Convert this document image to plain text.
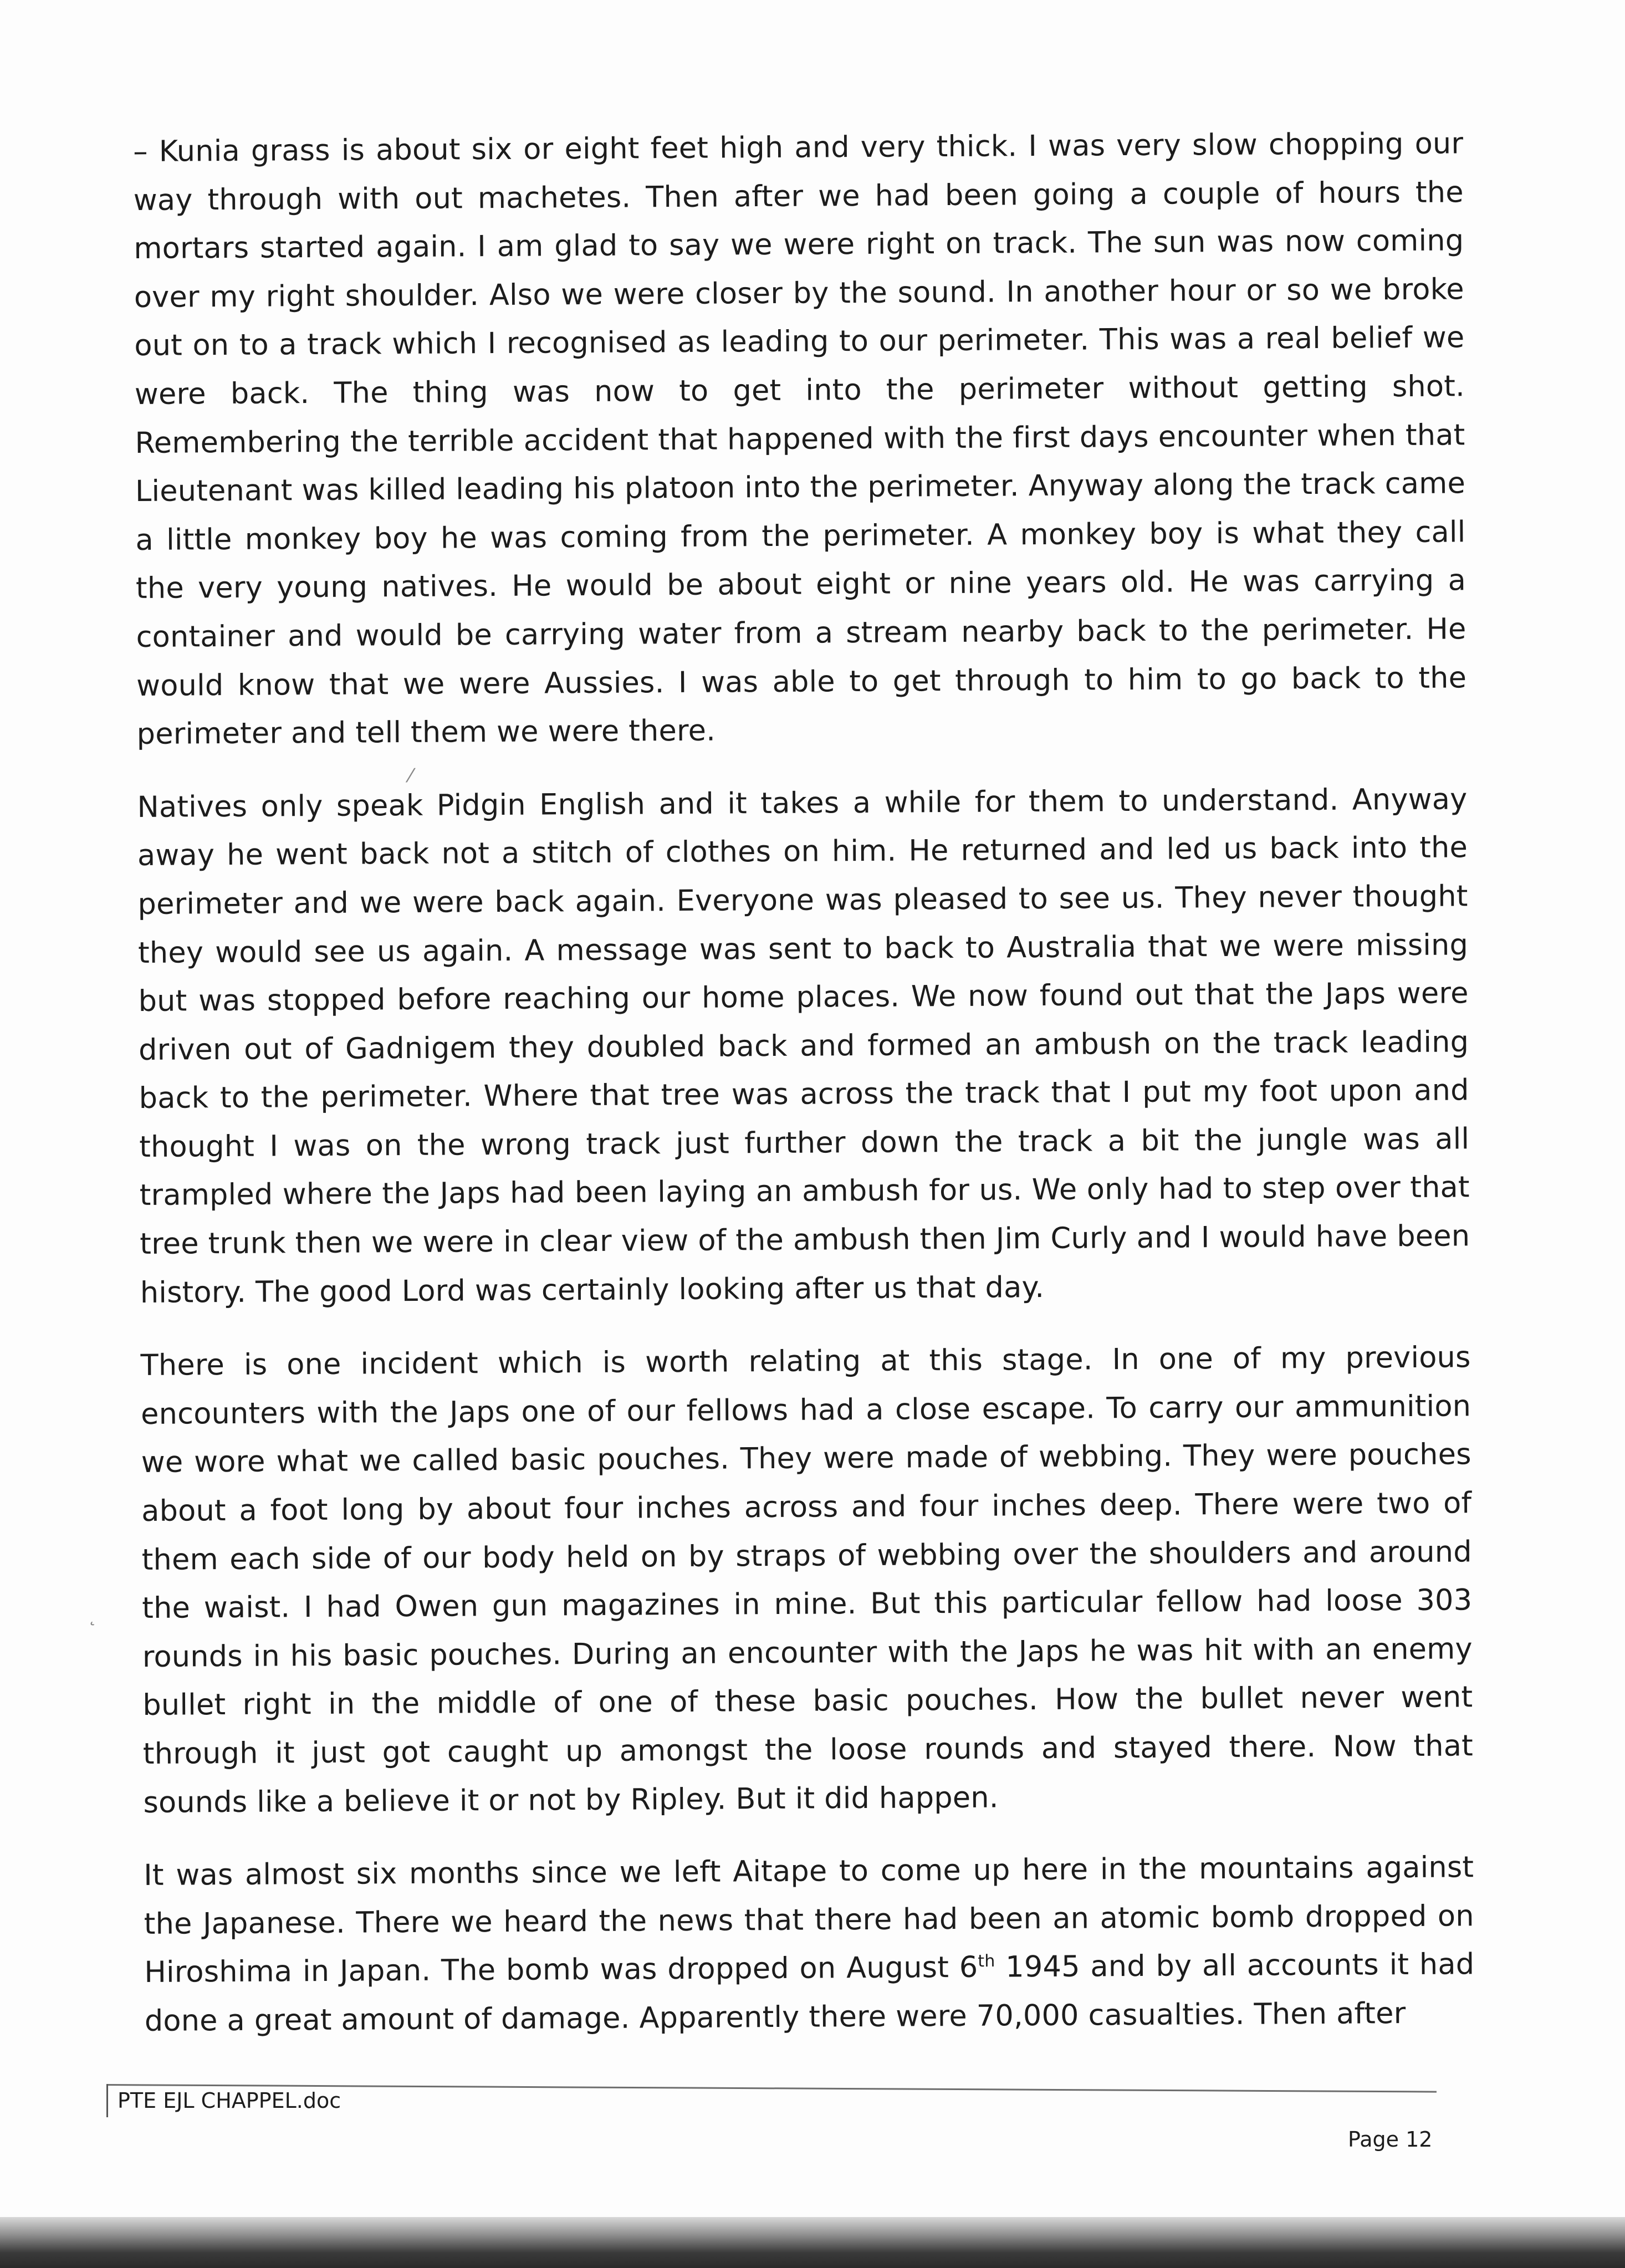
– Kunia grass is about six or eight feet high and very thick. I was very slow chopping our way through with out machetes. Then after we had been going a couple of hours the mortars started again. I am glad to say we were right on track. The sun was now coming over my right shoulder. Also we were closer by the sound. In another hour or so we broke out on to a track which I recognised as leading to our perimeter. This was a real belief we were back. The thing was now to get into the perimeter without getting shot. Remembering the terrible accident that happened with the first days encounter when that Lieutenant was killed leading his platoon into the perimeter. Anyway along the track came a little monkey boy he was coming from the perimeter. A monkey boy is what they call the very young natives. He would be about eight or nine years old. He was carrying a container and would be carrying water from a stream nearby back to the perimeter. He would know that we were Aussies. I was able to get through to him to go back to the perimeter and tell them we were there.

Natives only speak Pidgin English and it takes a while for them to understand. Anyway away he went back not a stitch of clothes on him. He returned and led us back into the perimeter and we were back again. Everyone was pleased to see us. They never thought they would see us again. A message was sent to back to Australia that we were missing but was stopped before reaching our home places. We now found out that the Japs were driven out of Gadnigem they doubled back and formed an ambush on the track leading back to the perimeter. Where that tree was across the track that I put my foot upon and thought I was on the wrong track just further down the track a bit the jungle was all trampled where the Japs had been laying an ambush for us. We only had to step over that tree trunk then we were in clear view of the ambush then Jim Curly and I would have been history. The good Lord was certainly looking after us that day.

There is one incident which is worth relating at this stage. In one of my previous encounters with the Japs one of our fellows had a close escape. To carry our ammunition we wore what we called basic pouches. They were made of webbing. They were pouches about a foot long by about four inches across and four inches deep. There were two of them each side of our body held on by straps of webbing over the shoulders and around the waist. I had Owen gun magazines in mine. But this particular fellow had loose 303 rounds in his basic pouches. During an encounter with the Japs he was hit with an enemy bullet right in the middle of one of these basic pouches. How the bullet never went through it just got caught up amongst the loose rounds and stayed there. Now that sounds like a believe it or not by Ripley. But it did happen.

It was almost six months since we left Aitape to come up here in the mountains against the Japanese. There we heard the news that there had been an atomic bomb dropped on Hiroshima in Japan. The bomb was dropped on August 6th 1945 and by all accounts it had done a great amount of damage. Apparently there were 70,000 casualties. Then after

⁄
˛
PTE EJL CHAPPEL.doc
Page 12
